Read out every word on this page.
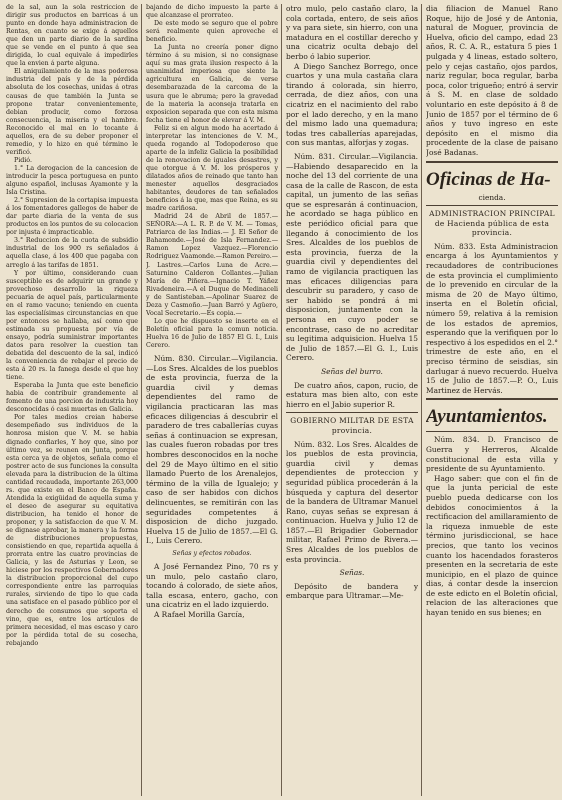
de la sal, aun la sola restriccion de dirigir sus productos en barricas á un punto en donde haya administracion de Rentas, en cuanto se exige á aquellos que den un parte diario de la sardina que se vende en el punto á que sea dirigida, lo cual equivale á impedirles que la envien á parte alguna.

El aniquilamiento de la mas poderosa industria del país y de la pérdida absoluta de los cosechas, unidas á otras causas de que también la Junta se propone tratar convenientemente, debian producir, como forzosa consecuencia, la miseria y el hambre. Reconocido el mal en lo tocante á aquellos, era de su deber proponer el remedio, y lo hizo en qué término le verificó.

Pidió.

1.° La derogacion de la cancesion de introducir la pesca portuguesa en punto alguno español, inclusas Ayamonte y la Isla Cristina.

2.° Supresion de la cortapisa impuesta á los fomentadores gallegos de haber de dar parte diaria de la venta de sus productos en los puntos de su colocacion por injusta é impracticable.

3.° Reduccion de la cuota de subsidio industrial de los 900 rs señalados á aquella clase, á los 400 que pagaba con arreglo á las tarifas de 1851.

Y por último, considerando cuan susceptible es de adquirir un grande y provechoso desarrollo la riqueza pecuaria de aquel país, particularmente en el ramo vacuno; teniendo en cuenta las especialísimas circunstancias en que por entonces se hallaba, así como que estimada su propuesta por vía de ensayo, podría suministrar importantes datos para resolver la cuestion tan debatida del descuento de la sal, indicó la conveniencia de rebajar el precio de esta á 20 rs. la fanega desde el que hoy tiene.

Esperaba la Junta que este beneficio habia de contribuir grandemente al fomento de una porcion de industria hoy desconocidas ó casi muertas en Galicia.

Por tales medios creian haberse desempeñado sus individuos de la honrosa mision que V. M. se habia dignado confiarles, Y hoy que, sino por último vez, se reunen en Junta, porque esta cerca ya de objetos, señala como el postrer acto de sus funciones la consulta elevada para la distribucion de la última cantidad recaudada, importante 263,000 rs. que existe en el Banco de España. Atendida la exigüidad de aquella suma y el deseo de asegurar su equitativa distribucion, ha tenido el honor de proponer, y la satisfaccion de que V. M. se dignase aprobar, la manera y la forma de distribuciones propuestas, consistiendo en que, repartida aquella á prorrata entre las cuatro provincias de Galicia, y las de Asturias y Leon, se hiciese por los respectivos Gobernadores la distribucion proporcional del cupo correspondiente entre las parroquias rurales, sirviendo de tipo lo que cada una satisface en el pasado público por el derecho de consumos que soporta el vino, que es, entre los artículos de primera necesidad, el mas escaso y caro por la pérdida total de su cosecha, rebajando

bajando de dicho impuesto la parte á que alcanzase el prorrateo.

De este modo se seguro que el pobre será realmente quien aproveche el beneficio.

La Junta no creería poner digno término á su mision, si no consignase aquí su mas grata ilusion respecto á la unanimidad imperiosa que siente la agricultura en Galicia, de verse desembarazada de la carcoma de la usura que le abruma; pero la gravedad de la materia la aconseja tratarla en exposicion separada que con esta misma fecha tiene el honor de elevar á V. M.

Feliz si en algun modo ha acertado á interpretar las intenciones de V. M., queda rogando al Todopoderoso que aparte de la infeliz Galicia la posibilidad de la renovacion de iguales desastres, y que otorgue á V. M. los prósperos y dilatados años de reinado que tanto han menester aquellos desgraciados habitantes, deudores de tan señalados beneficios á la que, mas que Reina, es su madre cariñosa.

Madrid 24 de Abril de 1857.— SEÑORA:—A L. R. P. de V. M. — Tomas, Patriarca de las Indias.— J. El Señor de Bahamonde.—José de Isla Fernandez.—Ramon Lopez Vazquez.—Florencio Rodriguez Vaamonde.—Ramon Pereiro.—J. Lastres.—Carlos Luna de Acre.—Saturnino Calderon Collantes.—Julian María de Piñera.—Ignacio T. Yáñez Rivadeneira.—A el Duque de Medinaceli y de Santisteban.—Apolinar Suarez de Deza y Casmoño.—Juan Barró y Agüero, Vocal Secretario.—Es copia.—

Lo que he dispuesto se inserte en el Boletín oficial para la comun noticia. Huelva 16 de Julio de 1857 El G. I., Luis Cerero.

Núm. 830. Circular.—Vigilancia.—Los Sres. Alcaldes de los pueblos de esta provincia, fuerza de la guardia civil y demas dependientes del ramo de vigilancia practicaran las mas eficaces diligencias á descubrir el paradero de tres caballerías cuyas señas á continuacion se expresan, las cuales fueron robadas por tres hombres desconocidos en la noche del 29 de Mayo último en el sitio llamado Puerto de los Arenalejos, término de la villa de Igualejo; y caso de ser habidos con dichos delincuentes, se remitirán con las seguridades competentes á disposicion de dicho juzgado. Huelva 15 de Julio de 1857.—El G. I., Luis Cerero.

Señas y efectos robados.

A José Fernandez Pino, 70 rs y un mulo, pelo castaño claro, tocando á colorado, de siete años, talla escasa, entero, gacho, con una cicatriz en el lado izquierdo.

A Rafael Morilla García,

otro mulo, pelo castaño claro, la cola cortada, entero, de seis años y va para siete, sin hierro, con una matadura en el costillar derecho y una cicatriz oculta debajo del berbo ó labio superior.

A Diego Sanchez Borrego, once cuartos y una mula castaña clara tirando á colorada, sin hierro, cerrada, de diez años, con una cicatriz en el nacimiento del rabo por el lado derecho, y en la mano del mismo lado una quemadura; todas tres caballerías aparejadas, con sus mantas, alforjas y zogas.

Núm. 831. Circular.—Vigilancia.—Habiendo desaparecido en la noche del 13 del corriente de una casa de la calle de Rascon, de esta capital, un jumento de las señas que se espresarán á continuacion, he acordado se haga público en este periódico oficial para que llegando á conocimiento de los Sres. Alcaldes de los pueblos de esta provincia, fuerza de la guardia civil y dependientes del ramo de vigilancia practiquen las mas eficaces diligencias para descubrir su paradero, y caso de ser habido se pondrá á mi disposicion, juntamente con la persona en cuyo poder se encontrase, caso de no acreditar su legitima adquisicion. Huelva 15 de Julio de 1857.—El G. I., Luis Cerero.

Señas del burro.

De cuatro años, capon, rucio, de estatura mas bien alto, con este hierro en el Jabio superior R.

GOBIERNO MILITAR DE ESTA provincia.

Núm. 832. Los Sres. Alcaldes de los pueblos de esta provincia, guardia civil y demas dependientes de proteccion y seguridad pública procederán á la búsqueda y captura del desertor de la bandera de Ultramar Manuel Rano, cuyas señas se expresan á continuacion. Huelva y Julio 12 de 1857.—El Brigadier Gobernador militar, Rafael Primo de Rivera.—Sres Alcaldes de los pueblos de esta provincia.

Señas.

Depósito de bandera y embarque para Ultramar.—Me-

dia filiacion de Manuel Rano Roque, hijo de José y de Antonia, natural de Moguer, provincia de Huelva, oficio del campo, edad 23 años, R. C. A. R., estatura 5 pies 1 pulgada y 4 lineas, estado soltero, pelo y cejas castaño, ojos pardos, nariz regular, boca regular, barba poca, color trigueño; entró á servir á S. M. en clase de soldado voluntario en este depósito á 8 de Junio de 1857 por el término de 6 años y tuvo ingreso en este depósito en el mismo dia procedente de la clase de paisano José Badanas.

Oficinas de Ha-

cienda.

ADMINISTRACION PRINCIPAL de Hacienda pública de esta provincia.

Núm. 833. Esta Administracion encarga á los Ayuntamientos y recaudadores de contribuciones de esta provincia el cumplimiento de lo prevenido en circular de la misma de 20 de Mayo último, inserta en el Boletín oficial, número 59, relativa á la remision de los estados de apremios, esperando que la verifiquen por lo respectivo á los espedidos en el 2.° trimestre de este año, en el preciso término de seisdias, sin darlugar á nuevo recuerdo. Huelva 15 de Julio de 1857.—P. O., Luis Martinez de Hervás.

Ayuntamientos.

Núm. 834. D. Francisco de Guerra y Herreros, Alcalde constitucional de esta villa y presidente de su Ayuntamiento.

Hago saber: que con el fin de que la junta pericial de este pueblo pueda dedicarse con los debidos conocimientos á la rectificacion del amillaramiento de la riqueza inmueble de este término jurisdiccional, se hace precios, que tanto los vecinos cuanto los hacendados forasteros presenten en la secretaria de este municipio, en el plazo de quince dias, á contar desde la insercion de este edicto en el Boletín oficial, relacion de las alteraciones que hayan tenido en sus bienes; en
